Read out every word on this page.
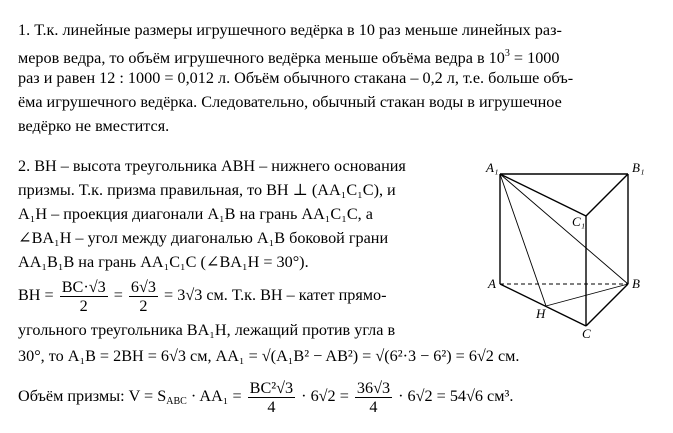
1. Т.к. линейные размеры игрушечного ведёрка в 10 раз меньше линейных раз-
меров ведра, то объём игрушечного ведёрка меньше объёма ведра в $10^3 = 1000$
раз и равен 12 : 1000 = 0,012 л. Объём обычного стакана – 0,2 л, т.е. больше объ-
ёма игрушечного ведёрка. Следовательно, обычный стакан воды в игрушечное
ведёрко не вместится.
2. BH – высота треугольника ABH – нижнего основания
призмы. Т.к. призма правильная, то BH ⊥ (AA₁C₁C), и
A₁H – проекция диагонали A₁B на грань AA₁C₁C, а
∠BA₁H – угол между диагональю A₁B боковой грани
AA₁B₁B на грань AA₁C₁C (∠BA₁H = 30°).
BH = $\frac{BC\cdot√3}{2} = \frac{6√3}{2} = 3√3$ см. Т.к. BH – катет прямо-
угольного треугольника BA₁H, лежащий против угла в
30°, то A₁B = 2BH = 6√3 см, AA₁ = √(A₁B² − AB²) = √(6²·3 − 6²) = 6√2 см.
Объём призмы: $V = S_{ABC} \cdot AA_1 = \frac{\text{BC²√3}}{4} \cdot 6√2 = \frac{36√3}{4} \cdot 6√2 = 54√6$ см³.
A₁	B₁
C₁
A	B
C
H
